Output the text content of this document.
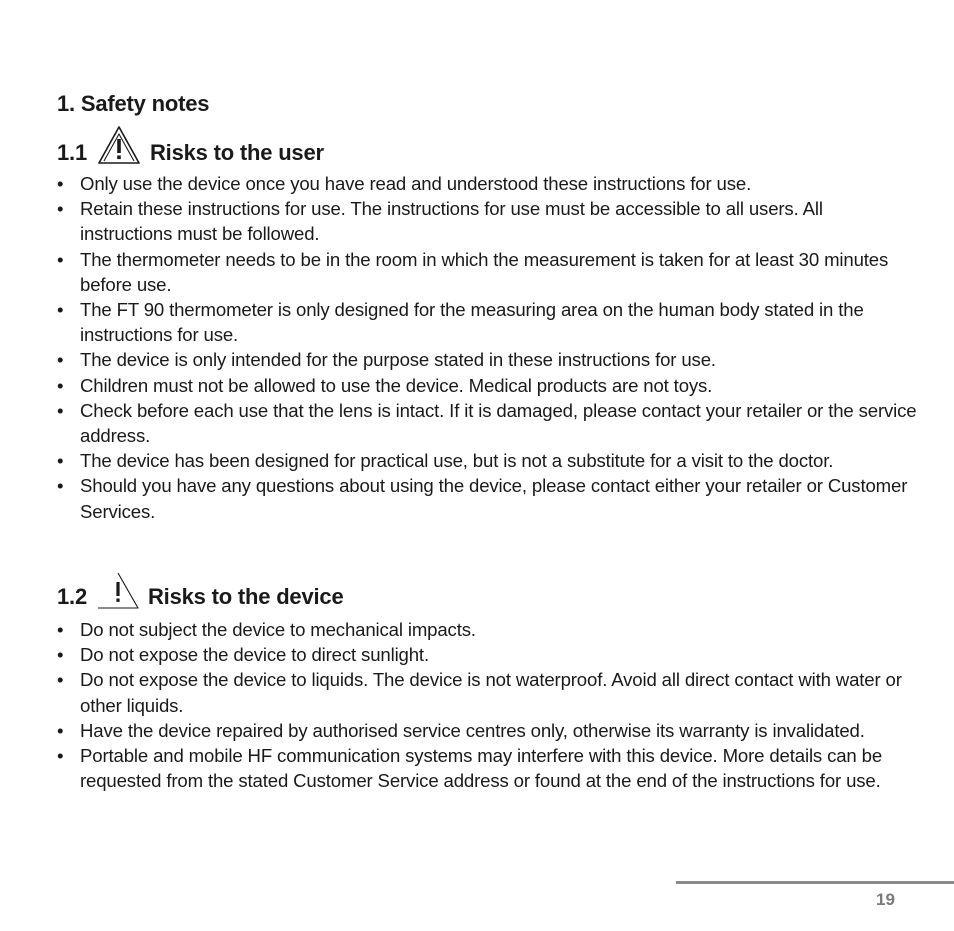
1. Safety notes
1.1	Risks to the user
• Only use the device once you have read and understood these instructions for use.
• Retain these instructions for use. The instructions for use must be accessible to all users. All instructions must be followed.
• The thermometer needs to be in the room in which the measurement is taken for at least 30 minutes before use.
• The FT 90 thermometer is only designed for the measuring area on the human body stated in the instructions for use.
• The device is only intended for the purpose stated in these instructions for use.
• Children must not be allowed to use the device. Medical products are not toys.
• Check before each use that the lens is intact. If it is damaged, please contact your retailer or the service address.
• The device has been designed for practical use, but is not a substitute for a visit to the doctor.
• Should you have any questions about using the device, please contact either your retailer or Customer Services.
1.2	Risks to the device
• Do not subject the device to mechanical impacts.
• Do not expose the device to direct sunlight.
• Do not expose the device to liquids. The device is not waterproof. Avoid all direct contact with water or other liquids.
• Have the device repaired by authorised service centres only, otherwise its warranty is invalidated.
• Portable and mobile HF communication systems may interfere with this device. More details can be requested from the stated Customer Service address or found at the end of the instructions for use.
19
